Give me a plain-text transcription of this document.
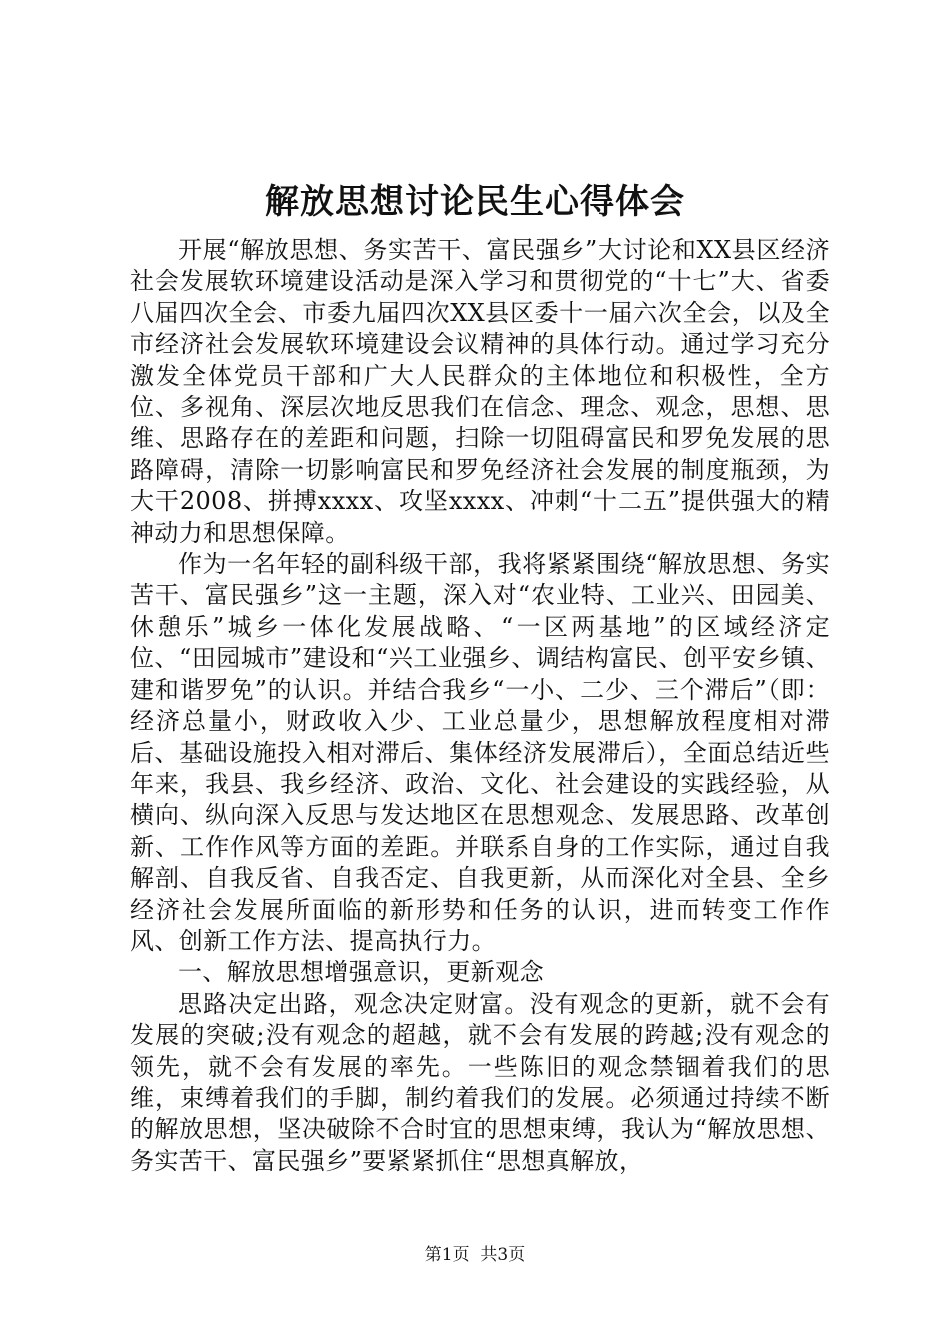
解放思想讨论民生心得体会

开展“解放思想、务实苦干、富民强乡”大讨论和XX县区经济社会发展软环境建设活动是深入学习和贯彻党的“十七”大、省委八届四次全会、市委九届四次XX县区委十一届六次全会，以及全市经济社会发展软环境建设会议精神的具体行动。通过学习充分激发全体党员干部和广大人民群众的主体地位和积极性，全方位、多视角、深层次地反思我们在信念、理念、观念，思想、思维、思路存在的差距和问题，扫除一切阻碍富民和罗免发展的思路障碍，清除一切影响富民和罗免经济社会发展的制度瓶颈，为大干2008、拼搏xxxx、攻坚xxxx、冲刺“十二五”提供强大的精神动力和思想保障。

作为一名年轻的副科级干部，我将紧紧围绕“解放思想、务实苦干、富民强乡”这一主题，深入对“农业特、工业兴、田园美、休憩乐”城乡一体化发展战略、“一区两基地”的区域经济定位、“田园城市”建设和“兴工业强乡、调结构富民、创平安乡镇、建和谐罗免”的认识。并结合我乡“一小、二少、三个滞后”（即：经济总量小，财政收入少、工业总量少，思想解放程度相对滞后、基础设施投入相对滞后、集体经济发展滞后），全面总结近些年来，我县、我乡经济、政治、文化、社会建设的实践经验，从横向、纵向深入反思与发达地区在思想观念、发展思路、改革创新、工作作风等方面的差距。并联系自身的工作实际，通过自我解剖、自我反省、自我否定、自我更新，从而深化对全县、全乡经济社会发展所面临的新形势和任务的认识，进而转变工作作风、创新工作方法、提高执行力。

一、解放思想增强意识，更新观念

思路决定出路，观念决定财富。没有观念的更新，就不会有发展的突破;没有观念的超越，就不会有发展的跨越;没有观念的领先，就不会有发展的率先。一些陈旧的观念禁锢着我们的思维，束缚着我们的手脚，制约着我们的发展。必须通过持续不断的解放思想，坚决破除不合时宜的思想束缚，我认为“解放思想、务实苦干、富民强乡”要紧紧抓住“思想真解放，

第1页 共3页
